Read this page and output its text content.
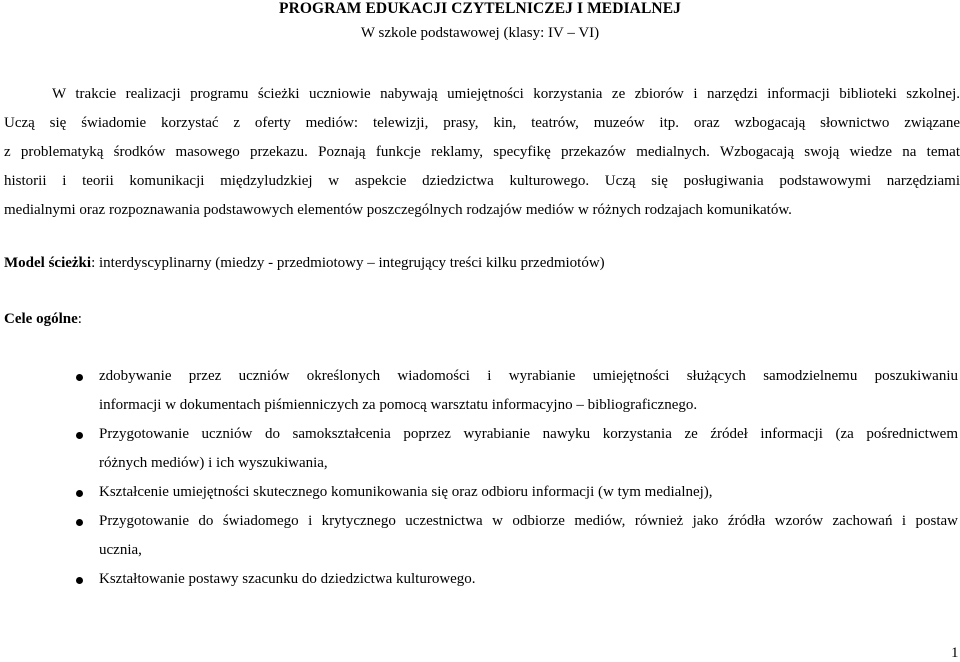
PROGRAM EDUKACJI CZYTELNICZEJ I MEDIALNEJ
W szkole podstawowej (klasy: IV – VI)
W trakcie realizacji programu ścieżki uczniowie nabywają umiejętności korzystania ze zbiorów i narzędzi informacji biblioteki szkolnej.
Uczą się świadomie korzystać z oferty mediów: telewizji, prasy, kin, teatrów, muzeów itp. oraz wzbogacają słownictwo związane
z problematyką środków masowego przekazu. Poznają funkcje reklamy, specyfikę przekazów medialnych. Wzbogacają swoją wiedze na temat
historii i teorii komunikacji międzyludzkiej w aspekcie dziedzictwa kulturowego. Uczą się posługiwania podstawowymi narzędziami
medialnymi oraz rozpoznawania podstawowych elementów poszczególnych rodzajów mediów w różnych rodzajach komunikatów.
Model ścieżki: interdyscyplinarny (miedzy - przedmiotowy – integrujący treści kilku przedmiotów)
Cele ogólne:
zdobywanie przez uczniów określonych wiadomości i wyrabianie umiejętności służących samodzielnemu poszukiwaniu
informacji w dokumentach piśmienniczych za pomocą warsztatu informacyjno – bibliograficznego.
Przygotowanie uczniów do samokształcenia poprzez wyrabianie nawyku korzystania ze źródeł informacji (za pośrednictwem
różnych mediów) i ich wyszukiwania,
Kształcenie umiejętności skutecznego komunikowania się oraz odbioru informacji (w tym medialnej),
Przygotowanie do świadomego i krytycznego uczestnictwa w odbiorze mediów, również jako źródła wzorów zachowań i postaw
ucznia,
Kształtowanie postawy szacunku do dziedzictwa kulturowego.
1
